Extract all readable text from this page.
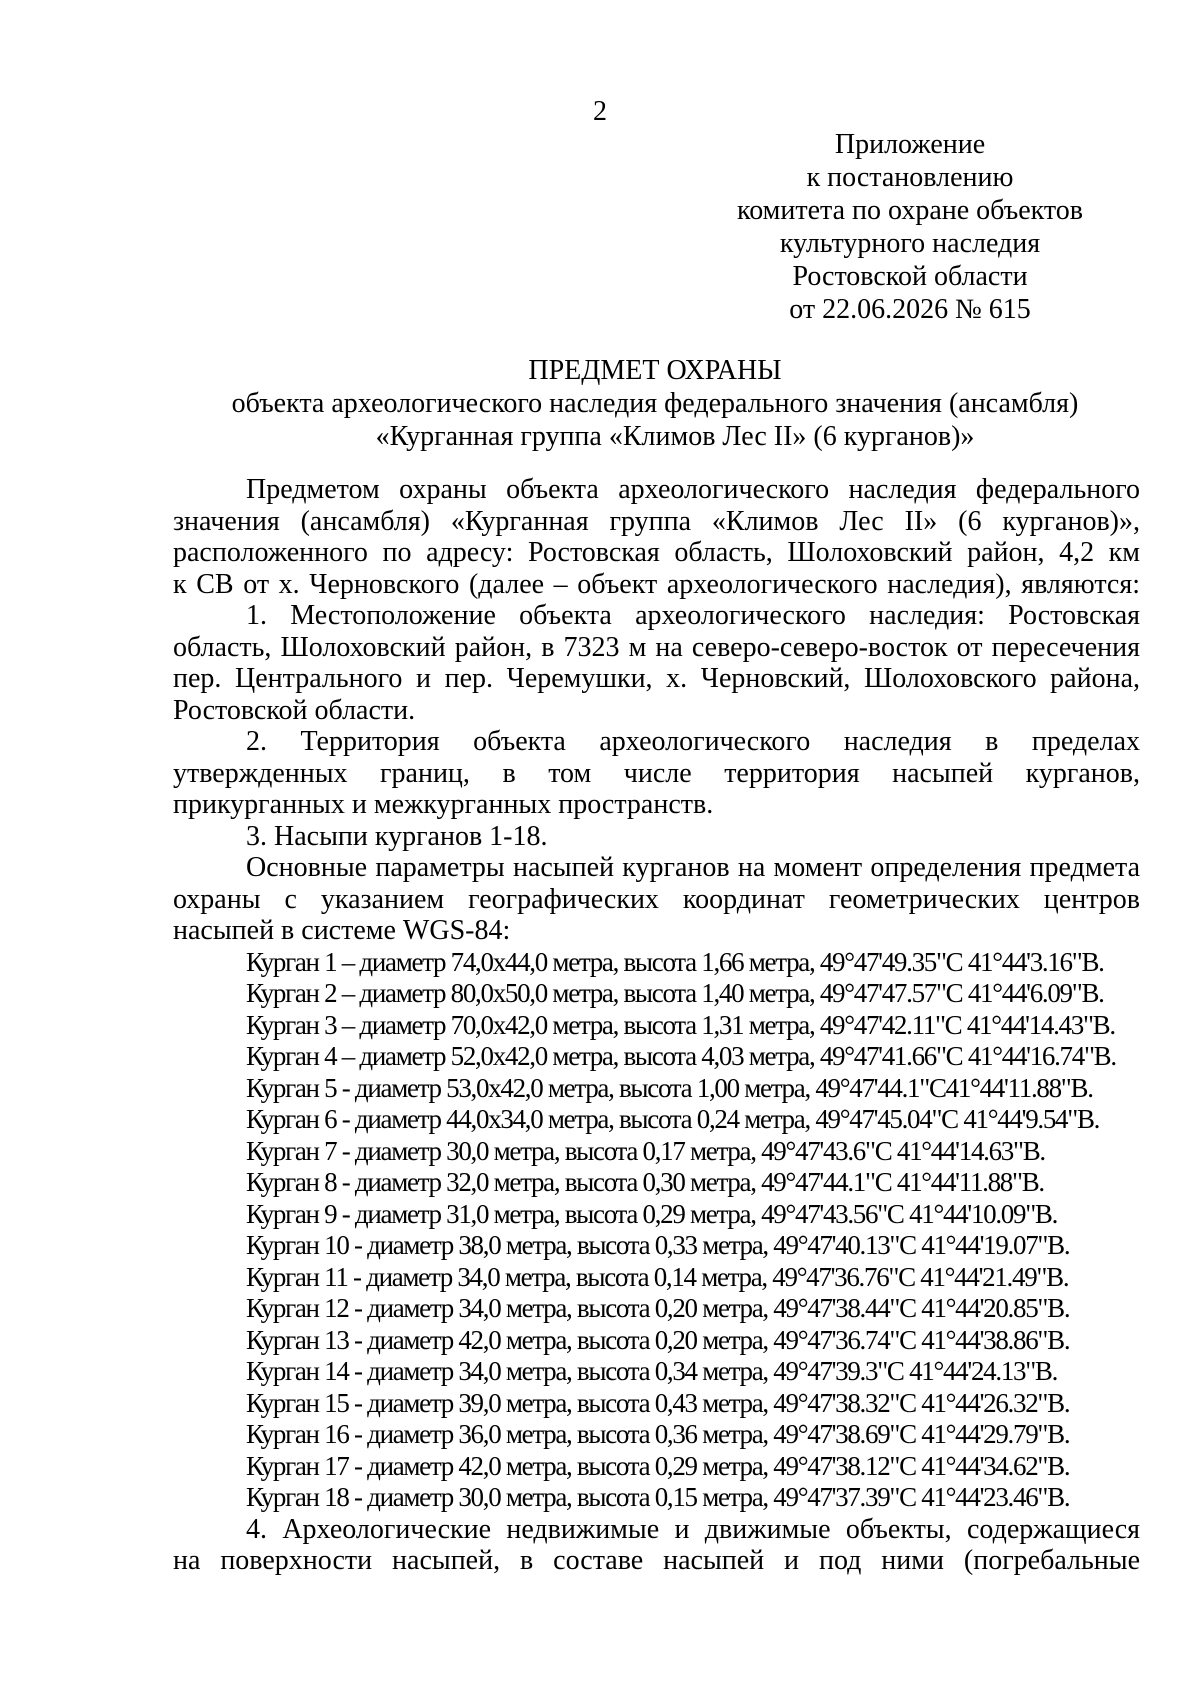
2
Приложение
к постановлению
комитета по охране объектов
культурного наследия
Ростовской области
от 22.06.2026 № 615
ПРЕДМЕТ ОХРАНЫ
объекта археологического наследия федерального значения (ансамбля)
«Курганная группа «Климов Лес II» (6 курганов)»
Предметом охраны объекта археологического наследия федерального
значения (ансамбля) «Курганная группа «Климов Лес II» (6 курганов)»,
расположенного по адресу: Ростовская область, Шолоховский район, 4,2 км
к СВ от х. Черновского (далее – объект археологического наследия), являются:
1. Местоположение объекта археологического наследия: Ростовская
область, Шолоховский район, в 7323 м на северо-северо-восток от пересечения
пер. Центрального и пер. Черемушки, х. Черновский, Шолоховского района,
Ростовской области.
2. Территория объекта археологического наследия в пределах
утвержденных границ, в том числе территория насыпей курганов,
прикурганных и межкурганных пространств.
3. Насыпи курганов 1-18.
Основные параметры насыпей курганов на момент определения предмета
охраны с указанием географических координат геометрических центров
насыпей в системе WGS-84:
Курган 1 – диаметр 74,0х44,0 метра, высота 1,66 метра, 49°47'49.35"С 41°44'3.16"В.
Курган 2 – диаметр 80,0х50,0 метра, высота 1,40 метра, 49°47'47.57"С 41°44'6.09"В.
Курган 3 – диаметр 70,0х42,0 метра, высота 1,31 метра, 49°47'42.11"С 41°44'14.43"В.
Курган 4 – диаметр 52,0х42,0 метра, высота 4,03 метра, 49°47'41.66"С 41°44'16.74"В.
Курган 5 - диаметр 53,0х42,0 метра, высота 1,00 метра, 49°47'44.1"С41°44'11.88"В.
Курган 6 - диаметр 44,0х34,0 метра, высота 0,24 метра, 49°47'45.04"С 41°44'9.54"В.
Курган 7 - диаметр 30,0 метра, высота 0,17 метра, 49°47'43.6"С 41°44'14.63"В.
Курган 8 - диаметр 32,0 метра, высота 0,30 метра, 49°47'44.1"С 41°44'11.88"В.
Курган 9 - диаметр 31,0 метра, высота 0,29 метра, 49°47'43.56"С 41°44'10.09"В.
Курган 10 - диаметр 38,0 метра, высота 0,33 метра, 49°47'40.13"С 41°44'19.07"В.
Курган 11 - диаметр 34,0 метра, высота 0,14 метра, 49°47'36.76"С 41°44'21.49"В.
Курган 12 - диаметр 34,0 метра, высота 0,20 метра, 49°47'38.44"С 41°44'20.85"В.
Курган 13 - диаметр 42,0 метра, высота 0,20 метра, 49°47'36.74"С 41°44'38.86"В.
Курган 14 - диаметр 34,0 метра, высота 0,34 метра, 49°47'39.3"С 41°44'24.13"В.
Курган 15 - диаметр 39,0 метра, высота 0,43 метра, 49°47'38.32"С 41°44'26.32"В.
Курган 16 - диаметр 36,0 метра, высота 0,36 метра, 49°47'38.69"С 41°44'29.79"В.
Курган 17 - диаметр 42,0 метра, высота 0,29 метра, 49°47'38.12"С 41°44'34.62"В.
Курган 18 - диаметр 30,0 метра, высота 0,15 метра, 49°47'37.39"С 41°44'23.46"В.
4. Археологические недвижимые и движимые объекты, содержащиеся
на поверхности насыпей, в составе насыпей и под ними (погребальные
